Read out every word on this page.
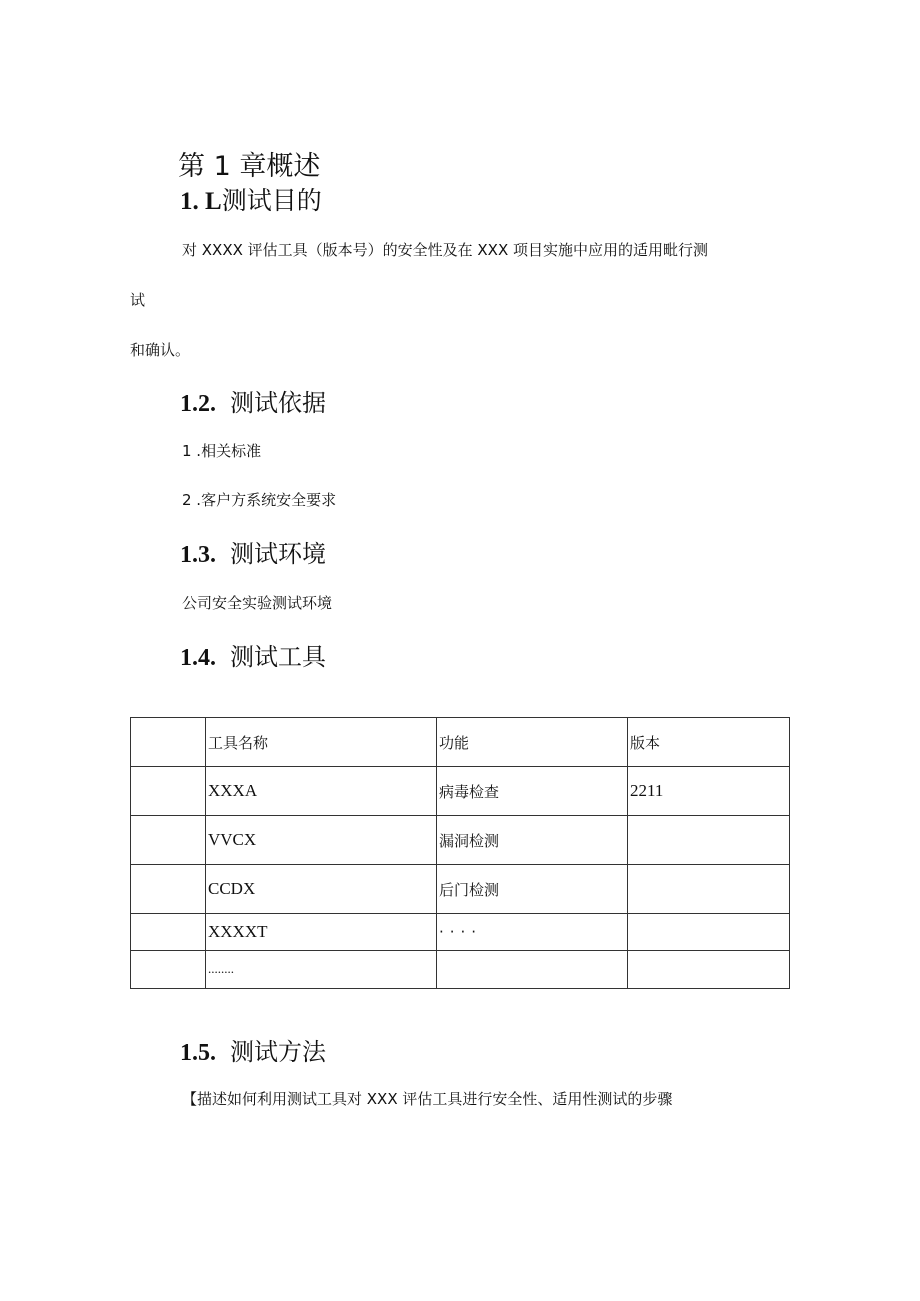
第 1 章概述
1. L测试目的
对 XXXX 评估工具（版本号）的安全性及在 XXX 项目实施中应用的适用毗行测
试
和确认。
1.2. 测试依据
1 .相关标准
2 .客户方系统安全要求
1.3. 测试环境
公司安全实验测试环境
1.4. 测试工具
	工具名称	功能	版本
	XXXA	病毒检查	2211
	VVCX	漏洞检测	
	CCDX	后门检测	
	XXXXT	····	
	........		
1.5. 测试方法
【描述如何利用测试工具对 XXX 评估工具进行安全性、适用性测试的步骤
